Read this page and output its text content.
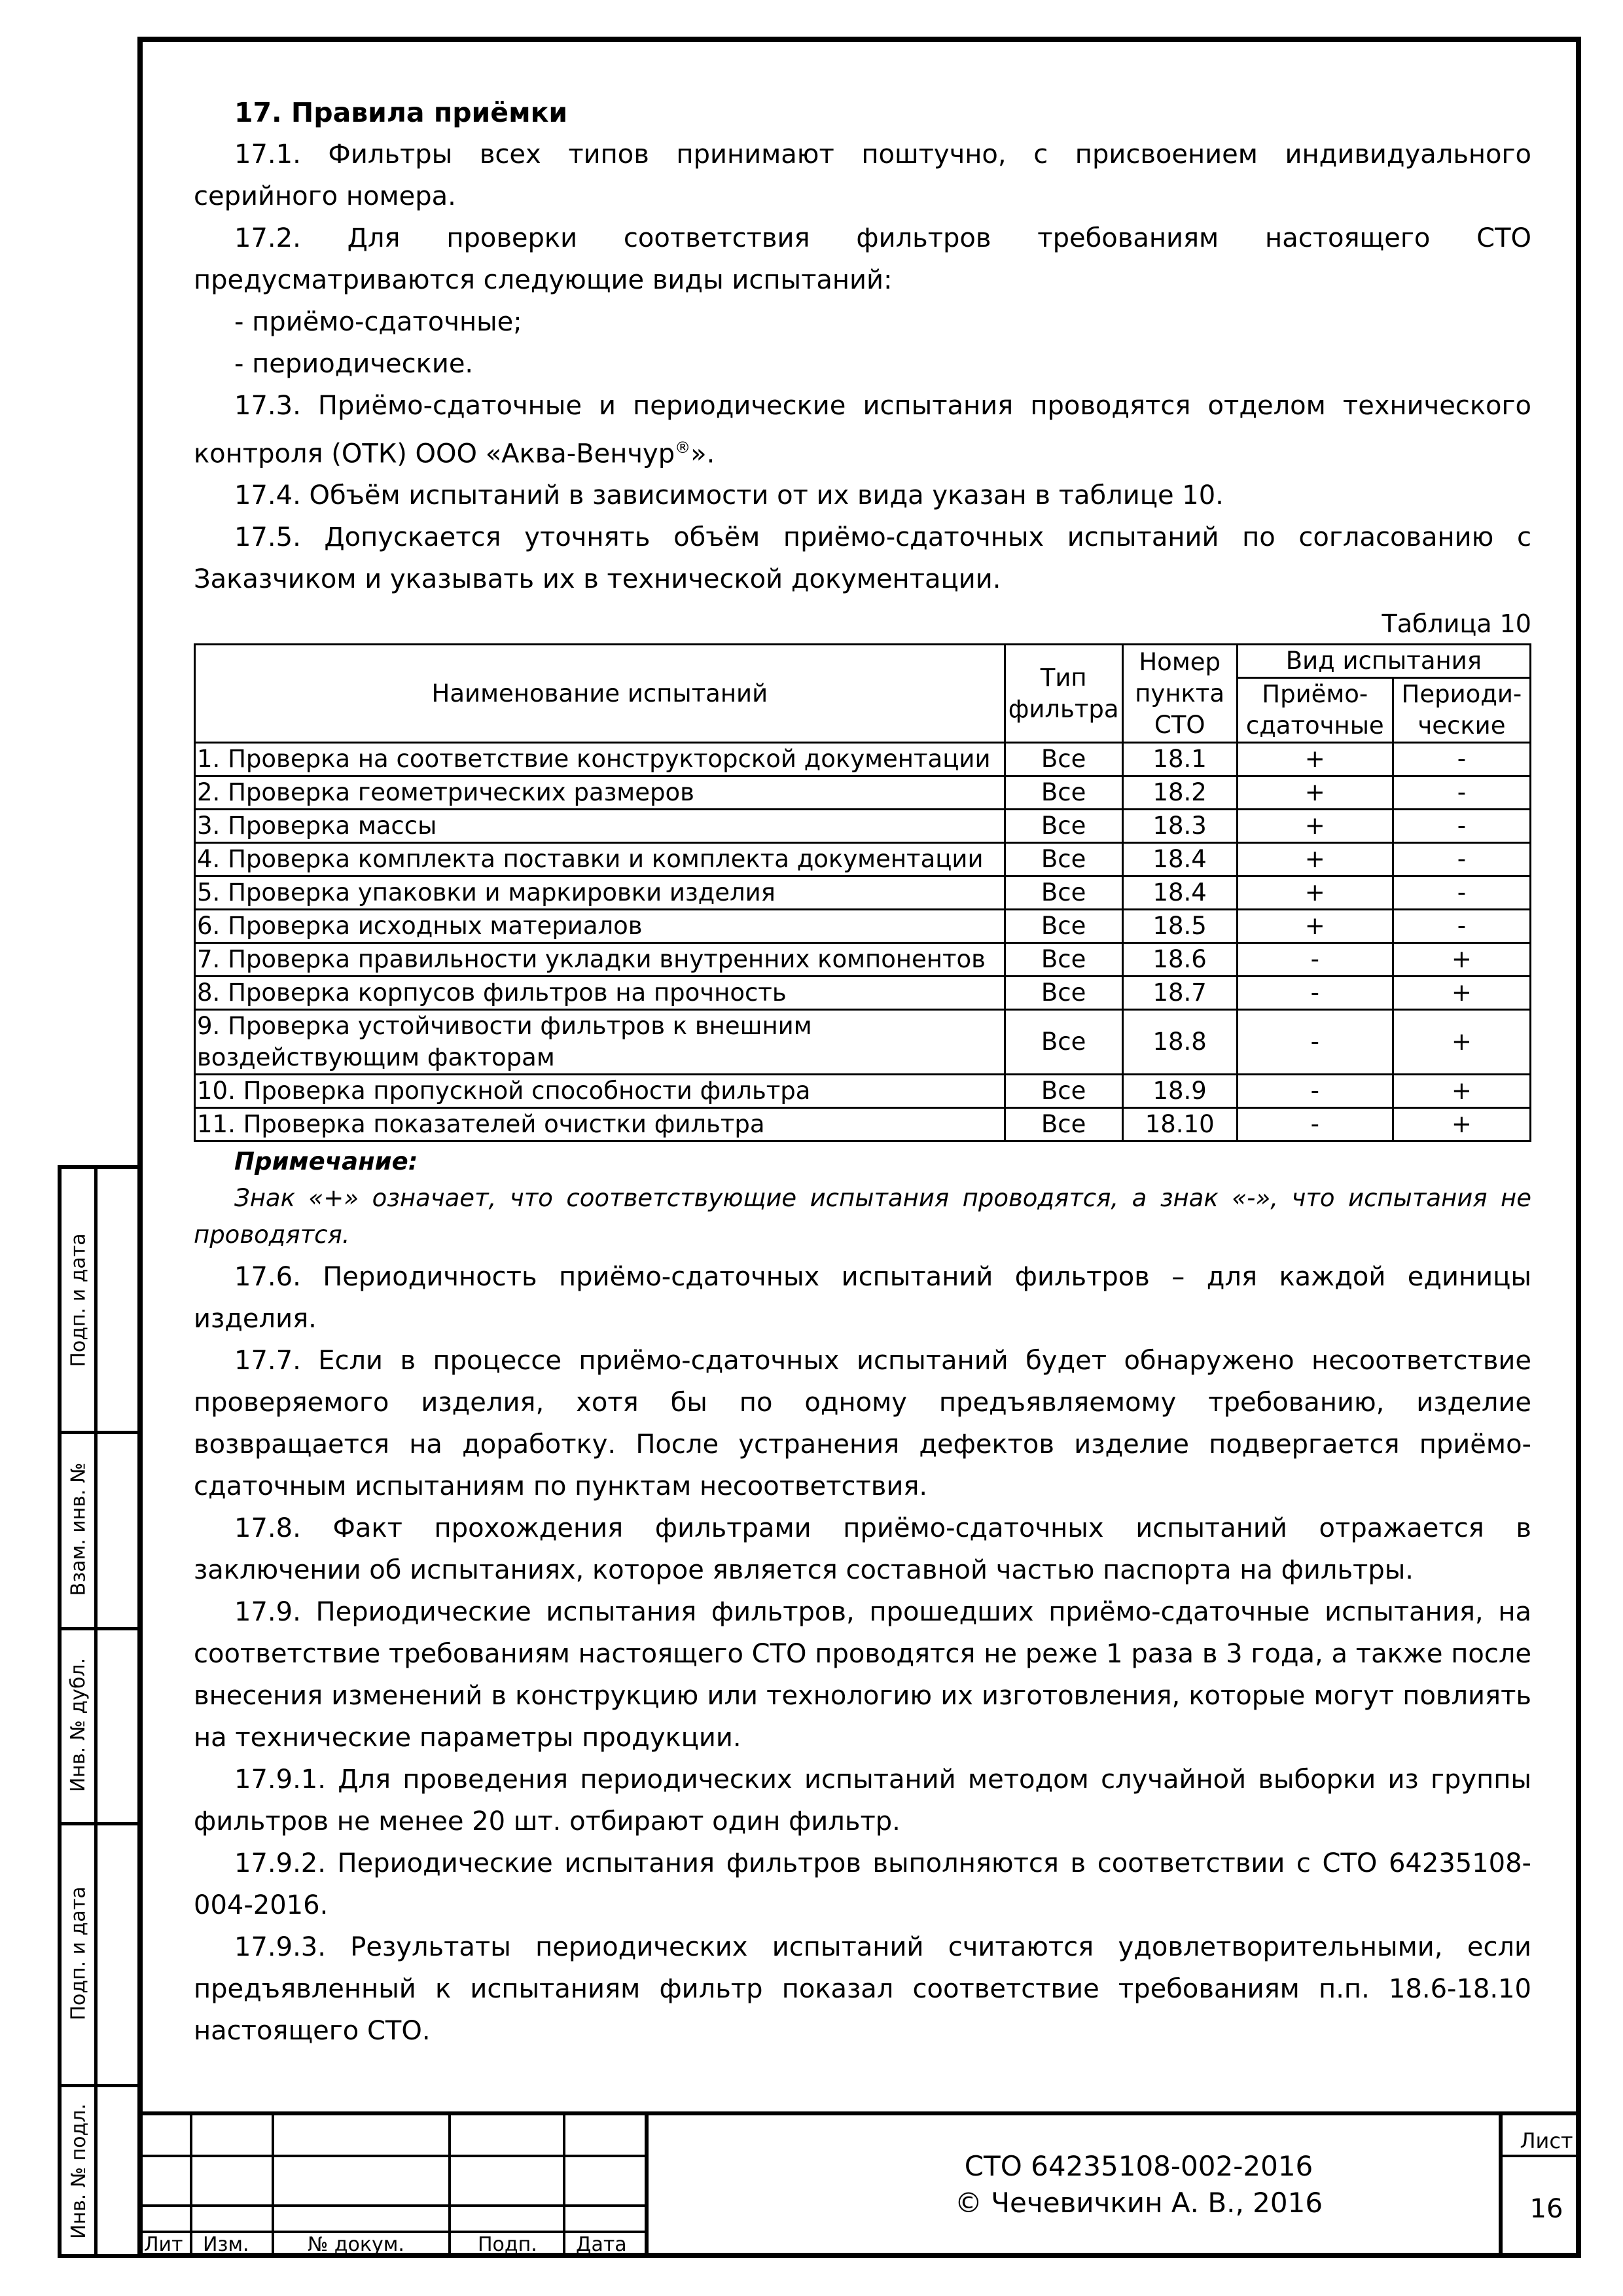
Подп. и дата
Взам. инв. №
Инв. № дубл.
Подп. и дата
Инв. № подл.

17. Правила приёмки

17.1. Фильтры всех типов принимают поштучно, с присвоением индивидуального серийного номера.

17.2. Для проверки соответствия фильтров требованиям настоящего СТО предусматриваются следующие виды испытаний:

- приёмо-сдаточные;

- периодические.

17.3. Приёмо-сдаточные и периодические испытания проводятся отделом технического контроля (ОТК) ООО «Аква-Венчур®».

17.4. Объём испытаний в зависимости от их вида указан в таблице 10.

17.5. Допускается уточнять объём приёмо-сдаточных испытаний по согласованию с Заказчиком и указывать их в технической документации.

Таблица 10

Наименование испытаний	Тип фильтра	Номер пункта СТО	Вид испытания	
			Приёмо-сдаточные	Периоди-ческие
1. Проверка на соответствие конструкторской документации	Все	18.1	+	-
2. Проверка геометрических размеров	Все	18.2	+	-
3. Проверка массы	Все	18.3	+	-
4. Проверка комплекта поставки и комплекта документации	Все	18.4	+	-
5. Проверка упаковки и маркировки изделия	Все	18.4	+	-
6. Проверка исходных материалов	Все	18.5	+	-
7. Проверка правильности укладки внутренних компонентов	Все	18.6	-	+
8. Проверка корпусов фильтров на прочность	Все	18.7	-	+
9. Проверка устойчивости фильтров к внешним воздействующим факторам	Все	18.8	-	+
10. Проверка пропускной способности фильтра	Все	18.9	-	+
11. Проверка показателей очистки фильтра	Все	18.10	-	+

Примечание:

Знак «+» означает, что соответствующие испытания проводятся, а знак «-», что испытания не проводятся.

17.6. Периодичность приёмо-сдаточных испытаний фильтров – для каждой единицы изделия.

17.7. Если в процессе приёмо-сдаточных испытаний будет обнаружено несоответствие проверяемого изделия, хотя бы по одному предъявляемому требованию, изделие возвращается на доработку. После устранения дефектов изделие подвергается приёмо-сдаточным испытаниям по пунктам несоответствия.

17.8. Факт прохождения фильтрами приёмо-сдаточных испытаний отражается в заключении об испытаниях, которое является составной частью паспорта на фильтры.

17.9. Периодические испытания фильтров, прошедших приёмо-сдаточные испытания, на соответствие требованиям настоящего СТО проводятся не реже 1 раза в 3 года, а также после внесения изменений в конструкцию или технологию их изготовления, которые могут повлиять на технические параметры продукции.

17.9.1. Для проведения периодических испытаний методом случайной выборки из группы фильтров не менее 20 шт. отбирают один фильтр.

17.9.2. Периодические испытания фильтров выполняются в соответствии с СТО 64235108-004-2016.

17.9.3. Результаты периодических испытаний считаются удовлетворительными, если предъявленный к испытаниям фильтр показал соответствие требованиям п.п. 18.6-18.10 настоящего СТО.

Лит Изм.	№ докум.	Подп. Дата
СТО 64235108-002-2016
© Чечевичкин А. В., 2016
Лист
16
